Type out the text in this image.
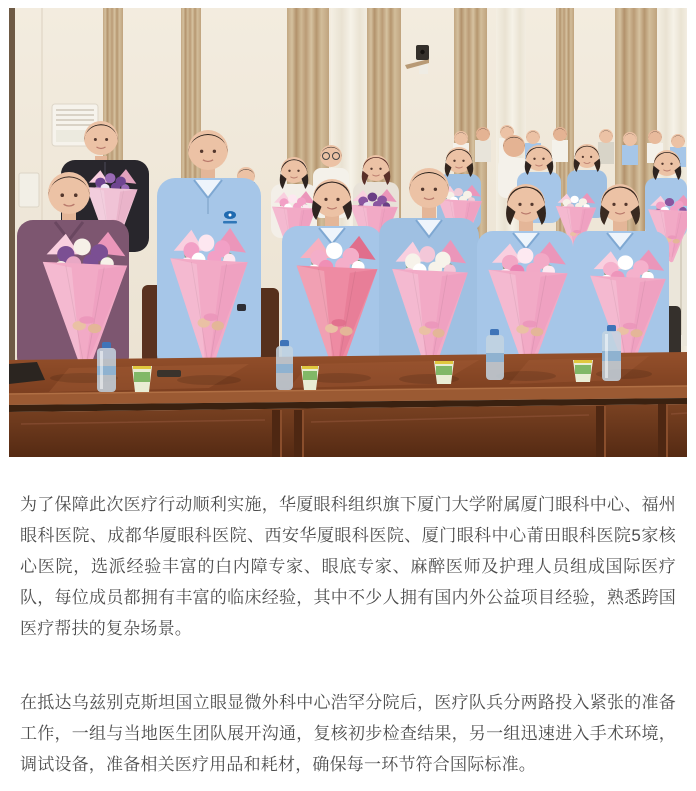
为了保障此次医疗行动顺利实施，华厦眼科组织旗下厦门大学附属厦门眼科中心、福州眼科医院、成都华厦眼科医院、西安华厦眼科医院、厦门眼科中心莆田眼科医院5家核心医院，选派经验丰富的白内障专家、眼底专家、麻醉医师及护理人员组成国际医疗队，每位成员都拥有丰富的临床经验，其中不少人拥有国内外公益项目经验，熟悉跨国医疗帮扶的复杂场景。

在抵达乌兹别克斯坦国立眼显微外科中心浩罕分院后，医疗队兵分两路投入紧张的准备工作，一组与当地医生团队展开沟通，复核初步检查结果，另一组迅速进入手术环境，调试设备，准备相关医疗用品和耗材，确保每一环节符合国际标准。
